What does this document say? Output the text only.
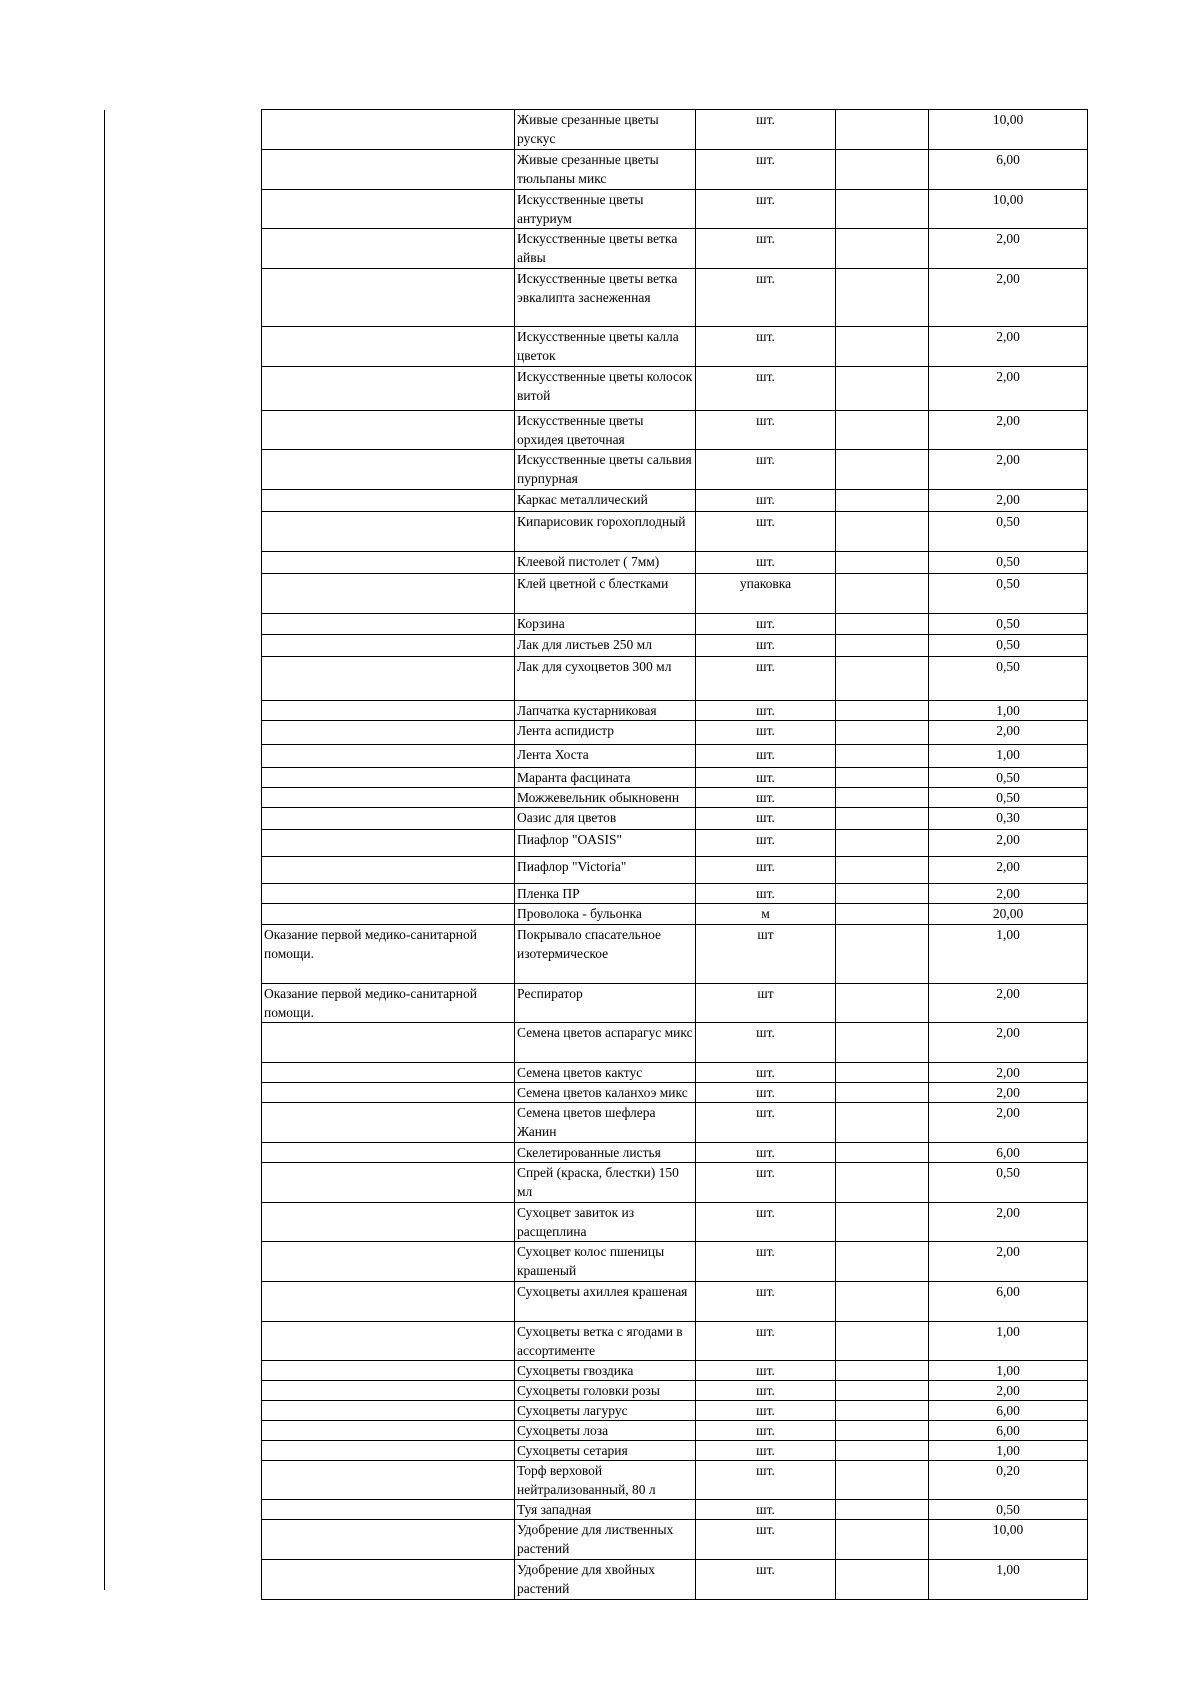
	Живые срезанные цветы рускус	шт.		10,00
	Живые срезанные цветы тюльпаны микс	шт.		6,00
	Искусственные цветы антуриум	шт.		10,00
	Искусственные цветы ветка айвы	шт.		2,00
	Искусственные цветы ветка эвкалипта заснеженная	шт.		2,00
	Искусственные цветы калла цветок	шт.		2,00
	Искусственные цветы колосок витой	шт.		2,00
	Искусственные цветы орхидея цветочная	шт.		2,00
	Искусственные цветы сальвия пурпурная	шт.		2,00
	Каркас металлический	шт.		2,00
	Кипарисовик горохоплодный	шт.		0,50
	Клеевой пистолет ( 7мм)	шт.		0,50
	Клей цветной с блестками	упаковка		0,50
	Корзина	шт.		0,50
	Лак для листьев 250 мл	шт.		0,50
	Лак для сухоцветов 300 мл	шт.		0,50
	Лапчатка кустарниковая	шт.		1,00
	Лента аспидистр	шт.		2,00
	Лента Хоста	шт.		1,00
	Маранта фасцината	шт.		0,50
	Можжевельник обыкновенн	шт.		0,50
	Оазис для цветов	шт.		0,30
	Пиафлор "OASIS"	шт.		2,00
	Пиафлор "Victoria"	шт.		2,00
	Пленка ПР	шт.		2,00
	Проволока - бульонка	м		20,00
Оказание первой медико-санитарной помощи.	Покрывало спасательное изотермическое	шт		1,00
Оказание первой медико-санитарной помощи.	Респиратор	шт		2,00
	Семена цветов аспарагус микс	шт.		2,00
	Семена цветов кактус	шт.		2,00
	Семена цветов каланхоэ микс	шт.		2,00
	Семена цветов шефлера Жанин	шт.		2,00
	Скелетированные листья	шт.		6,00
	Спрей (краска, блестки) 150 мл	шт.		0,50
	Сухоцвет завиток из расщеплина	шт.		2,00
	Сухоцвет колос пшеницы крашеный	шт.		2,00
	Сухоцветы ахиллея крашеная	шт.		6,00
	Сухоцветы ветка с ягодами в ассортименте	шт.		1,00
	Сухоцветы гвоздика	шт.		1,00
	Сухоцветы головки розы	шт.		2,00
	Сухоцветы лагурус	шт.		6,00
	Сухоцветы лоза	шт.		6,00
	Сухоцветы сетария	шт.		1,00
	Торф верховой нейтрализованный, 80 л	шт.		0,20
	Туя западная	шт.		0,50
	Удобрение для лиственных растений	шт.		10,00
	Удобрение для хвойных растений	шт.		1,00
